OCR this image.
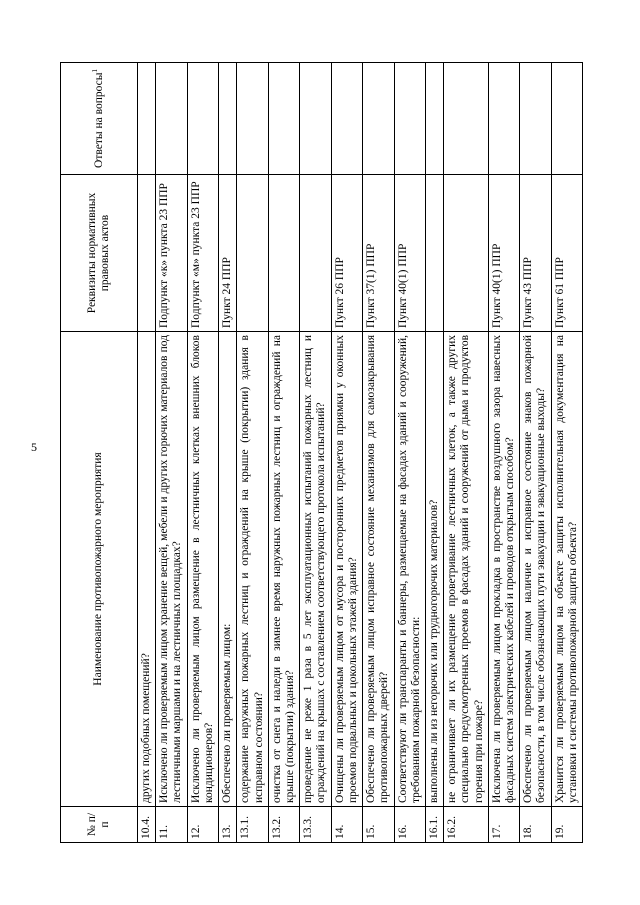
5
№ п/п	Наименование противопожарного мероприятия	Реквизиты нормативных правовых актов	Ответы на вопросы$^1$
10.4.	других подобных помещений?		
11.	Исключено ли проверяемым лицом хранение вещей, мебели и других горючих материалов под лестничными маршами и на лестничных площадках?	Подпункт «к» пункта 23 ППР	
12.	Исключено ли проверяемым лицом размещение в лестничных клетках внешних блоков кондиционеров?	Подпункт «м» пункта 23 ППР	
13.	Обеспечено ли проверяемым лицом:	Пункт 24 ППР	
13.1.	содержание наружных пожарных лестниц и ограждений на крыше (покрытии) здания в исправном состоянии?		
13.2.	очистка от снега и наледи в зимнее время наружных пожарных лестниц и ограждений на крыше (покрытии) здания?		
13.3.	проведение не реже 1 раза в 5 лет эксплуатационных испытаний пожарных лестниц и ограждений на крышах с составлением соответствующего протокола испытаний?		
14.	Очищены ли проверяемым лицом от мусора и посторонних предметов приямки у оконных проемов подвальных и цокольных этажей здания?	Пункт 26 ППР	
15.	Обеспечено ли проверяемым лицом исправное состояние механизмов для самозакрывания противопожарных дверей?	Пункт 37(1) ППР	
16.	Соответствуют ли транспаранты и баннеры, размещаемые на фасадах зданий и сооружений, требованиям пожарной безопасности:	Пункт 40(1) ППР	
16.1.	выполнены ли из негорючих или трудногорючих материалов?		
16.2.	не ограничивает ли их размещение проветривание лестничных клеток, а также других специально предусмотренных проемов в фасадах зданий и сооружений от дыма и продуктов горения при пожаре?		
17.	Исключена ли проверяемым лицом прокладка в пространстве воздушного зазора навесных фасадных систем электрических кабелей и проводов открытым способом?	Пункт 40(1) ППР	
18.	Обеспечено ли проверяемым лицом наличие и исправное состояние знаков пожарной безопасности, в том числе обозначающих пути эвакуации и эвакуационные выходы?	Пункт 43 ППР	
19.	Хранится ли проверяемым лицом на объекте защиты исполнительная документация на установки и системы противопожарной защиты объекта?	Пункт 61 ППР	
